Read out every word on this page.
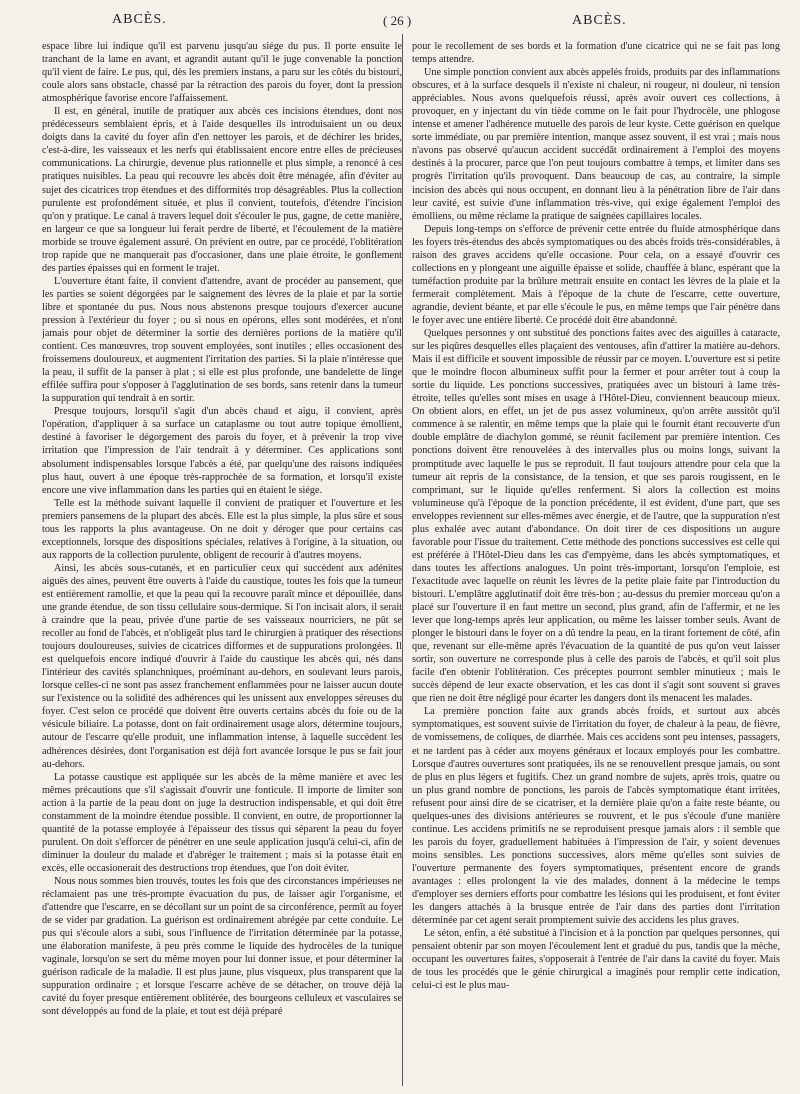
ABCÈS.	( 26 )	ABCÈS.

espace libre lui indique qu'il est parvenu jusqu'au siége du pus. Il porte ensuite le tranchant de la lame en avant, et agrandit autant qu'il le juge convenable la ponction qu'il vient de faire. Le pus, qui, dès les premiers instans, a paru sur les côtés du bistouri, coule alors sans obstacle, chassé par la rétraction des parois du foyer, dont la pression atmosphérique favorise encore l'affaissement.

Il est, en général, inutile de pratiquer aux abcès ces incisions étendues, dont nos prédécesseurs semblaient épris, et à l'aide desquelles ils introduisaient un ou deux doigts dans la cavité du foyer afin d'en nettoyer les parois, et de déchirer les brides, c'est-à-dire, les vaisseaux et les nerfs qui établissaient encore entre elles de précieuses communications. La chirurgie, devenue plus rationnelle et plus simple, a renoncé à ces pratiques nuisibles. La peau qui recouvre les abcès doit être ménagée, afin d'éviter au sujet des cicatrices trop étendues et des difformités trop désagréables. Plus la collection purulente est profondément située, et plus il convient, toutefois, d'étendre l'incision qu'on y pratique. Le canal à travers lequel doit s'écouler le pus, gagne, de cette manière, en largeur ce que sa longueur lui ferait perdre de liberté, et l'écoulement de la matière morbide se trouve également assuré. On prévient en outre, par ce procédé, l'oblitération trop rapide que ne manquerait pas d'occasioner, dans une plaie étroite, le gonflement des parties épaisses qui en forment le trajet.

L'ouverture étant faite, il convient d'attendre, avant de procéder au pansement, que les parties se soient dégorgées par le saignement des lèvres de la plaie et par la sortie libre et spontanée du pus. Nous nous abstenons presque toujours d'exercer aucune pression à l'extérieur du foyer ; ou si nous en opérons, elles sont modérées, et n'ont jamais pour objet de déterminer la sortie des dernières portions de la matière qu'il contient. Ces manœuvres, trop souvent employées, sont inutiles ; elles occasionent des froissemens douloureux, et augmentent l'irritation des parties. Si la plaie n'intéresse que la peau, il suffit de la panser à plat ; si elle est plus profonde, une bandelette de linge effilée suffira pour s'opposer à l'agglutination de ses bords, sans retenir dans la tumeur la suppuration qui tendrait à en sortir.

Presque toujours, lorsqu'il s'agit d'un abcès chaud et aigu, il convient, après l'opération, d'appliquer à sa surface un cataplasme ou tout autre topique émollient, destiné à favoriser le dégorgement des parois du foyer, et à prévenir la trop vive irritation que l'impression de l'air tendrait à y déterminer. Ces applications sont absolument indispensables lorsque l'abcès a été, par quelqu'une des raisons indiquées plus haut, ouvert à une époque très-rapprochée de sa formation, et lorsqu'il existe encore une vive inflammation dans les parties qui en étaient le siége.

Telle est la méthode suivant laquelle il convient de pratiquer et l'ouverture et les premiers pansemens de la plupart des abcès. Elle est la plus simple, la plus sûre et sous tous les rapports la plus avantageuse. On ne doit y déroger que pour certains cas exceptionnels, lorsque des dispositions spéciales, relatives à l'origine, à la situation, ou aux rapports de la collection purulente, obligent de recourir à d'autres moyens.

Ainsi, les abcès sous-cutanés, et en particulier ceux qui succèdent aux adénites aiguës des aines, peuvent être ouverts à l'aide du caustique, toutes les fois que la tumeur est entièrement ramollie, et que la peau qui la recouvre paraît mince et dépouillée, dans une grande étendue, de son tissu cellulaire sous-dermique. Si l'on incisait alors, il serait à craindre que la peau, privée d'une partie de ses vaisseaux nourriciers, ne pût se recoller au fond de l'abcès, et n'obligeât plus tard le chirurgien à pratiquer des résections toujours douloureuses, suivies de cicatrices difformes et de suppurations prolongées. Il est quelquefois encore indiqué d'ouvrir à l'aide du caustique les abcès qui, nés dans l'intérieur des cavités splanchniques, proéminant au-dehors, en soulevant leurs parois, lorsque celles-ci ne sont pas assez franchement enflammées pour ne laisser aucun doute sur l'existence ou la solidité des adhérences qui les unissent aux enveloppes séreuses du foyer. C'est selon ce procédé que doivent être ouverts certains abcès du foie ou de la vésicule biliaire. La potasse, dont on fait ordinairement usage alors, détermine toujours, autour de l'escarre qu'elle produit, une inflammation intense, à laquelle succèdent les adhérences désirées, dont l'organisation est déjà fort avancée lorsque le pus se fait jour au-dehors.

La potasse caustique est appliquée sur les abcès de la même manière et avec les mêmes précautions que s'il s'agissait d'ouvrir une fonticule. Il importe de limiter son action à la partie de la peau dont on juge la destruction indispensable, et qui doit être constamment de la moindre étendue possible. Il convient, en outre, de proportionner la quantité de la potasse employée à l'épaisseur des tissus qui séparent la peau du foyer purulent. On doit s'efforcer de pénétrer en une seule application jusqu'à celui-ci, afin de diminuer la douleur du malade et d'abréger le traitement ; mais si la potasse était en excès, elle occasionerait des destructions trop étendues, que l'on doit éviter.

Nous nous sommes bien trouvés, toutes les fois que des circonstances impérieuses ne réclamaient pas une très-prompte évacuation du pus, de laisser agir l'organisme, et d'attendre que l'escarre, en se décollant sur un point de sa circonférence, permît au foyer de se vider par gradation. La guérison est ordinairement abrégée par cette conduite. Le pus qui s'écoule alors a subi, sous l'influence de l'irritation déterminée par la potasse, une élaboration manifeste, à peu près comme le liquide des hydrocèles de la tunique vaginale, lorsqu'on se sert du même moyen pour lui donner issue, et pour déterminer la guérison radicale de la maladie. Il est plus jaune, plus visqueux, plus transparent que la suppuration ordinaire ; et lorsque l'escarre achève de se détacher, on trouve déjà la cavité du foyer presque entièrement oblitérée, des bourgeons celluleux et vasculaires se sont développés au fond de la plaie, et tout est déjà préparé

pour le recollement de ses bords et la formation d'une cicatrice qui ne se fait pas long temps attendre.

Une simple ponction convient aux abcès appelés froids, produits par des inflammations obscures, et à la surface desquels il n'existe ni chaleur, ni rougeur, ni douleur, ni tension appréciables. Nous avons quelquefois réussi, après avoir ouvert ces collections, à provoquer, en y injectant du vin tiède comme on le fait pour l'hydrocèle, une phlogose intense et amener l'adhérence mutuelle des parois de leur kyste. Cette guérison en quelque sorte immédiate, ou par première intention, manque assez souvent, il est vrai ; mais nous n'avons pas observé qu'aucun accident succédât ordinairement à l'emploi des moyens destinés à la procurer, parce que l'on peut toujours combattre à temps, et limiter dans ses progrès l'irritation qu'ils provoquent. Dans beaucoup de cas, au contraire, la simple incision des abcès qui nous occupent, en donnant lieu à la pénétration libre de l'air dans leur cavité, est suivie d'une inflammation très-vive, qui exige également l'emploi des émolliens, ou même réclame la pratique de saignées capillaires locales.

Depuis long-temps on s'efforce de prévenir cette entrée du fluide atmosphérique dans les foyers très-étendus des abcès symptomatiques ou des abcès froids très-considérables, à raison des graves accidens qu'elle occasione. Pour cela, on a essayé d'ouvrir ces collections en y plongeant une aiguille épaisse et solide, chauffée à blanc, espérant que la tuméfaction produite par la brûlure mettrait ensuite en contact les lèvres de la plaie et la fermerait complètement. Mais à l'époque de la chute de l'escarre, cette ouverture, agrandie, devient béante, et par elle s'écoule le pus, en même temps que l'air pénètre dans le foyer avec une entière liberté. Ce procédé doit être abandonné.

Quelques personnes y ont substitué des ponctions faites avec des aiguilles à cataracte, sur les piqûres desquelles elles plaçaient des ventouses, afin d'attirer la matière au-dehors. Mais il est difficile et souvent impossible de réussir par ce moyen. L'ouverture est si petite que le moindre flocon albumineux suffit pour la fermer et pour arrêter tout à coup la sortie du liquide. Les ponctions successives, pratiquées avec un bistouri à lame très-étroite, telles qu'elles sont mises en usage à l'Hôtel-Dieu, conviennent beaucoup mieux. On obtient alors, en effet, un jet de pus assez volumineux, qu'on arrête aussitôt qu'il commence à se ralentir, en même temps que la plaie qui le fournit étant recouverte d'un double emplâtre de diachylon gommé, se réunit facilement par première intention. Ces ponctions doivent être renouvelées à des intervalles plus ou moins longs, suivant la promptitude avec laquelle le pus se reproduit. Il faut toujours attendre pour cela que la tumeur ait repris de la consistance, de la tension, et que ses parois rougissent, en le comprimant, sur le liquide qu'elles renferment. Si alors la collection est moins volumineuse qu'à l'époque de la ponction précédente, il est évident, d'une part, que ses enveloppes reviennent sur elles-mêmes avec énergie, et de l'autre, que la suppuration n'est plus exhalée avec autant d'abondance. On doit tirer de ces dispositions un augure favorable pour l'issue du traitement. Cette méthode des ponctions successives est celle qui est préférée à l'Hôtel-Dieu dans les cas d'empyème, dans les abcès symptomatiques, et dans toutes les affections analogues. Un point très-important, lorsqu'on l'emploie, est l'exactitude avec laquelle on réunit les lèvres de la petite plaie faite par l'introduction du bistouri. L'emplâtre agglutinatif doit être très-bon ; au-dessus du premier morceau qu'on a placé sur l'ouverture il en faut mettre un second, plus grand, afin de l'affermir, et ne les lever que long-temps après leur application, ou même les laisser tomber seuls. Avant de plonger le bistouri dans le foyer on a dû tendre la peau, en la tirant fortement de côté, afin que, revenant sur elle-même après l'évacuation de la quantité de pus qu'on veut laisser sortir, son ouverture ne corresponde plus à celle des parois de l'abcès, et qu'il soit plus facile d'en obtenir l'oblitération. Ces préceptes pourront sembler minutieux ; mais le succès dépend de leur exacte observation, et les cas dont il s'agit sont souvent si graves que rien ne doit être négligé pour écarter les dangers dont ils menacent les malades.

La première ponction faite aux grands abcès froids, et surtout aux abcès symptomatiques, est souvent suivie de l'irritation du foyer, de chaleur à la peau, de fièvre, de vomissemens, de coliques, de diarrhée. Mais ces accidens sont peu intenses, passagers, et ne tardent pas à céder aux moyens généraux et locaux employés pour les combattre. Lorsque d'autres ouvertures sont pratiquées, ils ne se renouvellent presque jamais, ou sont de plus en plus légers et fugitifs. Chez un grand nombre de sujets, après trois, quatre ou un plus grand nombre de ponctions, les parois de l'abcès symptomatique étant irritées, refusent pour ainsi dire de se cicatriser, et la dernière plaie qu'on a faite reste béante, ou quelques-unes des divisions antérieures se rouvrent, et le pus s'écoule d'une manière continue. Les accidens primitifs ne se reproduisent presque jamais alors : il semble que les parois du foyer, graduellement habituées à l'impression de l'air, y soient devenues moins sensibles. Les ponctions successives, alors même qu'elles sont suivies de l'ouverture permanente des foyers symptomatiques, présentent encore de grands avantages : elles prolongent la vie des malades, donnent à la médecine le temps d'employer ses derniers efforts pour combattre les lésions qui les produisent, et font éviter les dangers attachés à la brusque entrée de l'air dans des parties dont l'irritation déterminée par cet agent serait promptement suivie des accidens les plus graves.

Le séton, enfin, a été substitué à l'incision et à la ponction par quelques personnes, qui pensaient obtenir par son moyen l'écoulement lent et gradué du pus, tandis que la mèche, occupant les ouvertures faites, s'opposerait à l'entrée de l'air dans la cavité du foyer. Mais de tous les procédés que le génie chirurgical a imaginés pour remplir cette indication, celui-ci est le plus mau-
